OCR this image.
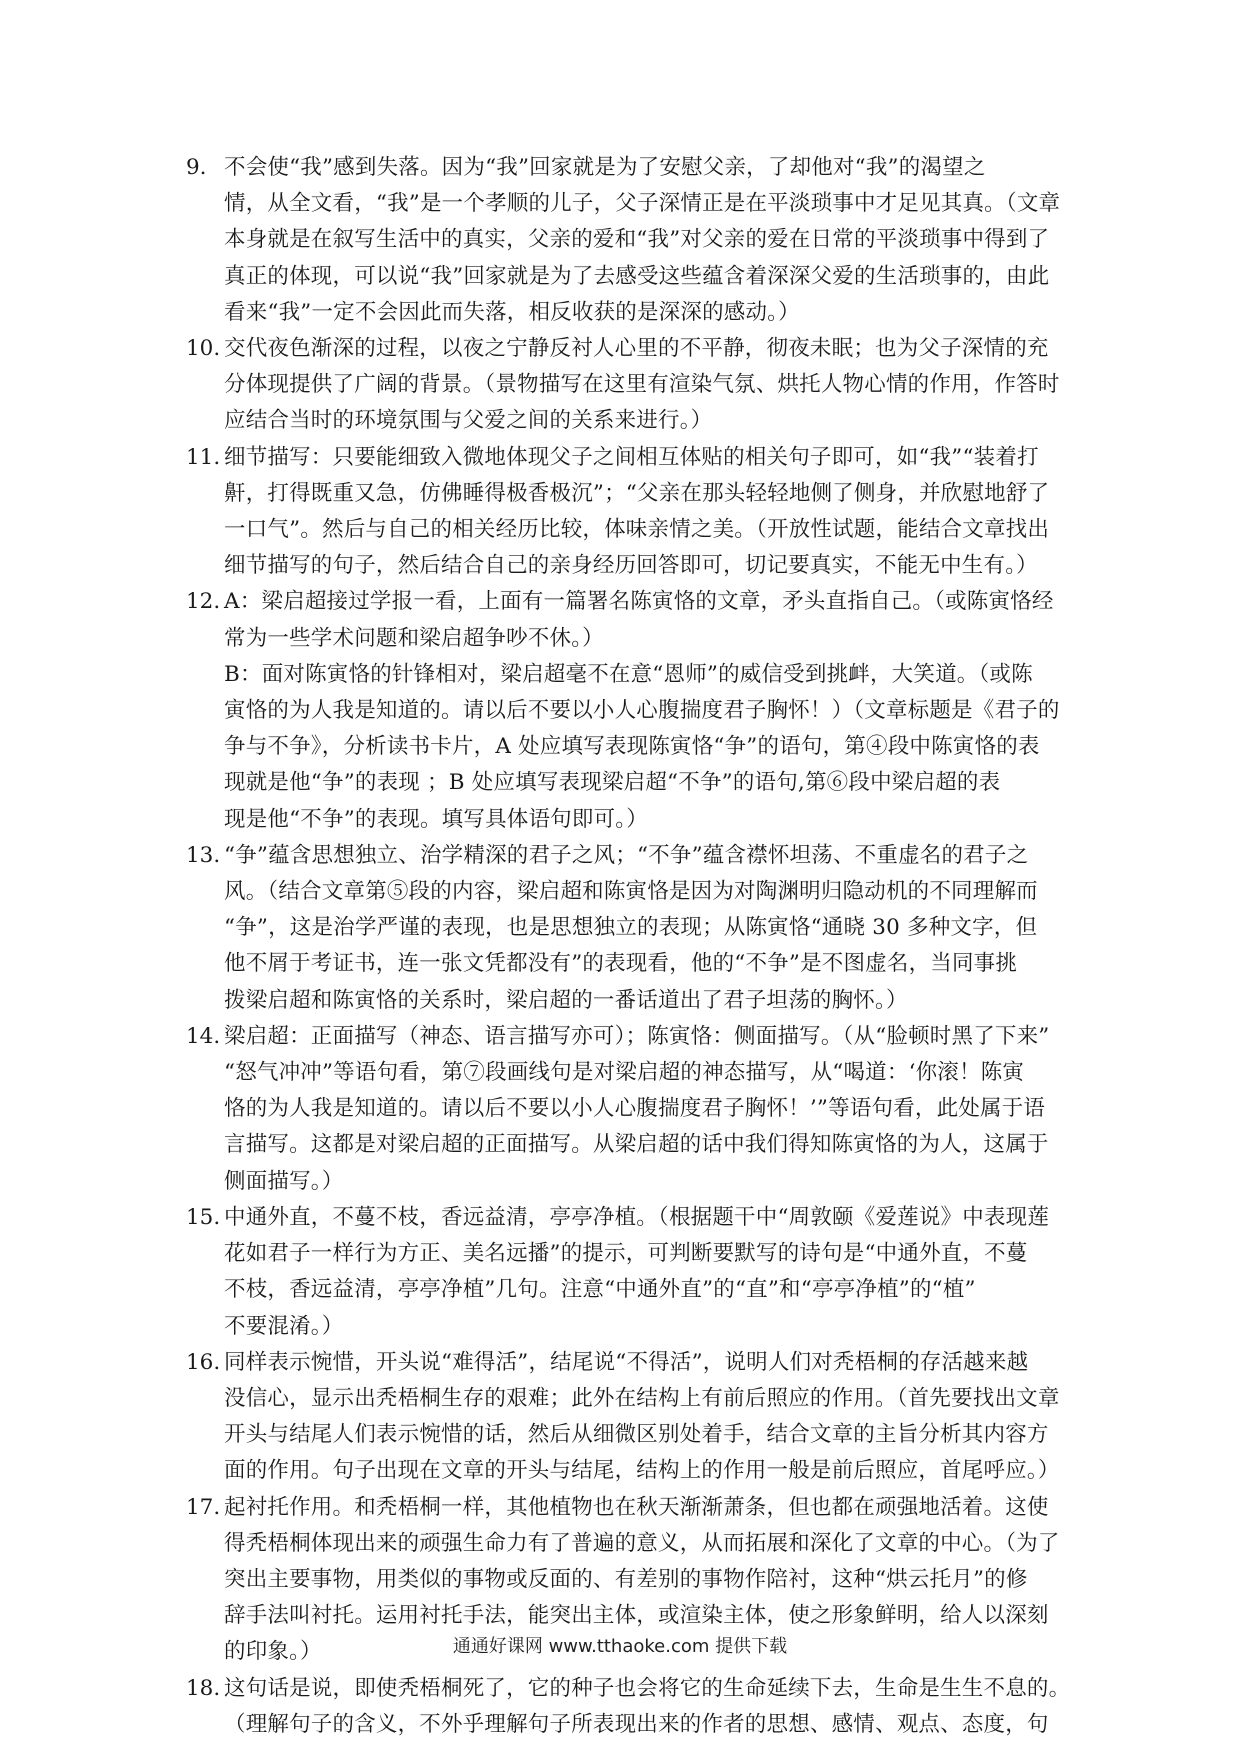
9. 不会使“我”感到失落。因为“我”回家就是为了安慰父亲，了却他对“我”的渴望之
情，从全文看，“我”是一个孝顺的儿子，父子深情正是在平淡琐事中才足见其真。（文章
本身就是在叙写生活中的真实，父亲的爱和“我”对父亲的爱在日常的平淡琐事中得到了
真正的体现，可以说“我”回家就是为了去感受这些蕴含着深深父爱的生活琐事的，由此
看来“我”一定不会因此而失落，相反收获的是深深的感动。）
10. 交代夜色渐深的过程，以夜之宁静反衬人心里的不平静，彻夜未眠；也为父子深情的充
分体现提供了广阔的背景。（景物描写在这里有渲染气氛、烘托人物心情的作用，作答时
应结合当时的环境氛围与父爱之间的关系来进行。）
11. 细节描写：只要能细致入微地体现父子之间相互体贴的相关句子即可，如“我”“装着打
鼾，打得既重又急，仿佛睡得极香极沉”；“父亲在那头轻轻地侧了侧身，并欣慰地舒了
一口气”。然后与自己的相关经历比较，体味亲情之美。（开放性试题，能结合文章找出
细节描写的句子，然后结合自己的亲身经历回答即可，切记要真实，不能无中生有。）
12. A：梁启超接过学报一看，上面有一篇署名陈寅恪的文章，矛头直指自己。（或陈寅恪经
常为一些学术问题和梁启超争吵不休。）
B：面对陈寅恪的针锋相对，梁启超毫不在意“恩师”的威信受到挑衅，大笑道。（或陈
寅恪的为人我是知道的。请以后不要以小人心腹揣度君子胸怀！）（文章标题是《君子的
争与不争》，分析读书卡片，A 处应填写表现陈寅恪“争”的语句，第④段中陈寅恪的表
现就是他“争”的表现 ；B 处应填写表现梁启超“不争”的语句,第⑥段中梁启超的表
现是他“不争”的表现。填写具体语句即可。）
13. “争”蕴含思想独立、治学精深的君子之风；“不争”蕴含襟怀坦荡、不重虚名的君子之
风。（结合文章第⑤段的内容，梁启超和陈寅恪是因为对陶渊明归隐动机的不同理解而
“争”，这是治学严谨的表现，也是思想独立的表现；从陈寅恪“通晓 30 多种文字，但
他不屑于考证书，连一张文凭都没有”的表现看，他的“不争”是不图虚名，当同事挑
拨梁启超和陈寅恪的关系时，梁启超的一番话道出了君子坦荡的胸怀。）
14. 梁启超：正面描写（神态、语言描写亦可）；陈寅恪：侧面描写。（从“脸顿时黑了下来”
“怒气冲冲”等语句看，第⑦段画线句是对梁启超的神态描写，从“喝道：‘你滚！陈寅
恪的为人我是知道的。请以后不要以小人心腹揣度君子胸怀！’”等语句看，此处属于语
言描写。这都是对梁启超的正面描写。从梁启超的话中我们得知陈寅恪的为人，这属于
侧面描写。）
15. 中通外直，不蔓不枝，香远益清，亭亭净植。（根据题干中“周敦颐《爱莲说》中表现莲
花如君子一样行为方正、美名远播”的提示，可判断要默写的诗句是“中通外直，不蔓
不枝，香远益清，亭亭净植”几句。注意“中通外直”的“直”和“亭亭净植”的“植”
不要混淆。）
16. 同样表示惋惜，开头说“难得活”，结尾说“不得活”，说明人们对秃梧桐的存活越来越
没信心，显示出秃梧桐生存的艰难；此外在结构上有前后照应的作用。（首先要找出文章
开头与结尾人们表示惋惜的话，然后从细微区别处着手，结合文章的主旨分析其内容方
面的作用。句子出现在文章的开头与结尾，结构上的作用一般是前后照应，首尾呼应。）
17. 起衬托作用。和秃梧桐一样，其他植物也在秋天渐渐萧条，但也都在顽强地活着。这使
得秃梧桐体现出来的顽强生命力有了普遍的意义，从而拓展和深化了文章的中心。（为了
突出主要事物，用类似的事物或反面的、有差别的事物作陪衬，这种“烘云托月”的修
辞手法叫衬托。运用衬托手法，能突出主体，或渲染主体，使之形象鲜明，给人以深刻
的印象。）
18. 这句话是说，即使秃梧桐死了，它的种子也会将它的生命延续下去，生命是生生不息的。
（理解句子的含义，不外乎理解句子所表现出来的作者的思想、感情、观点、态度，句
通通好课网 www.tthaoke.com 提供下载
